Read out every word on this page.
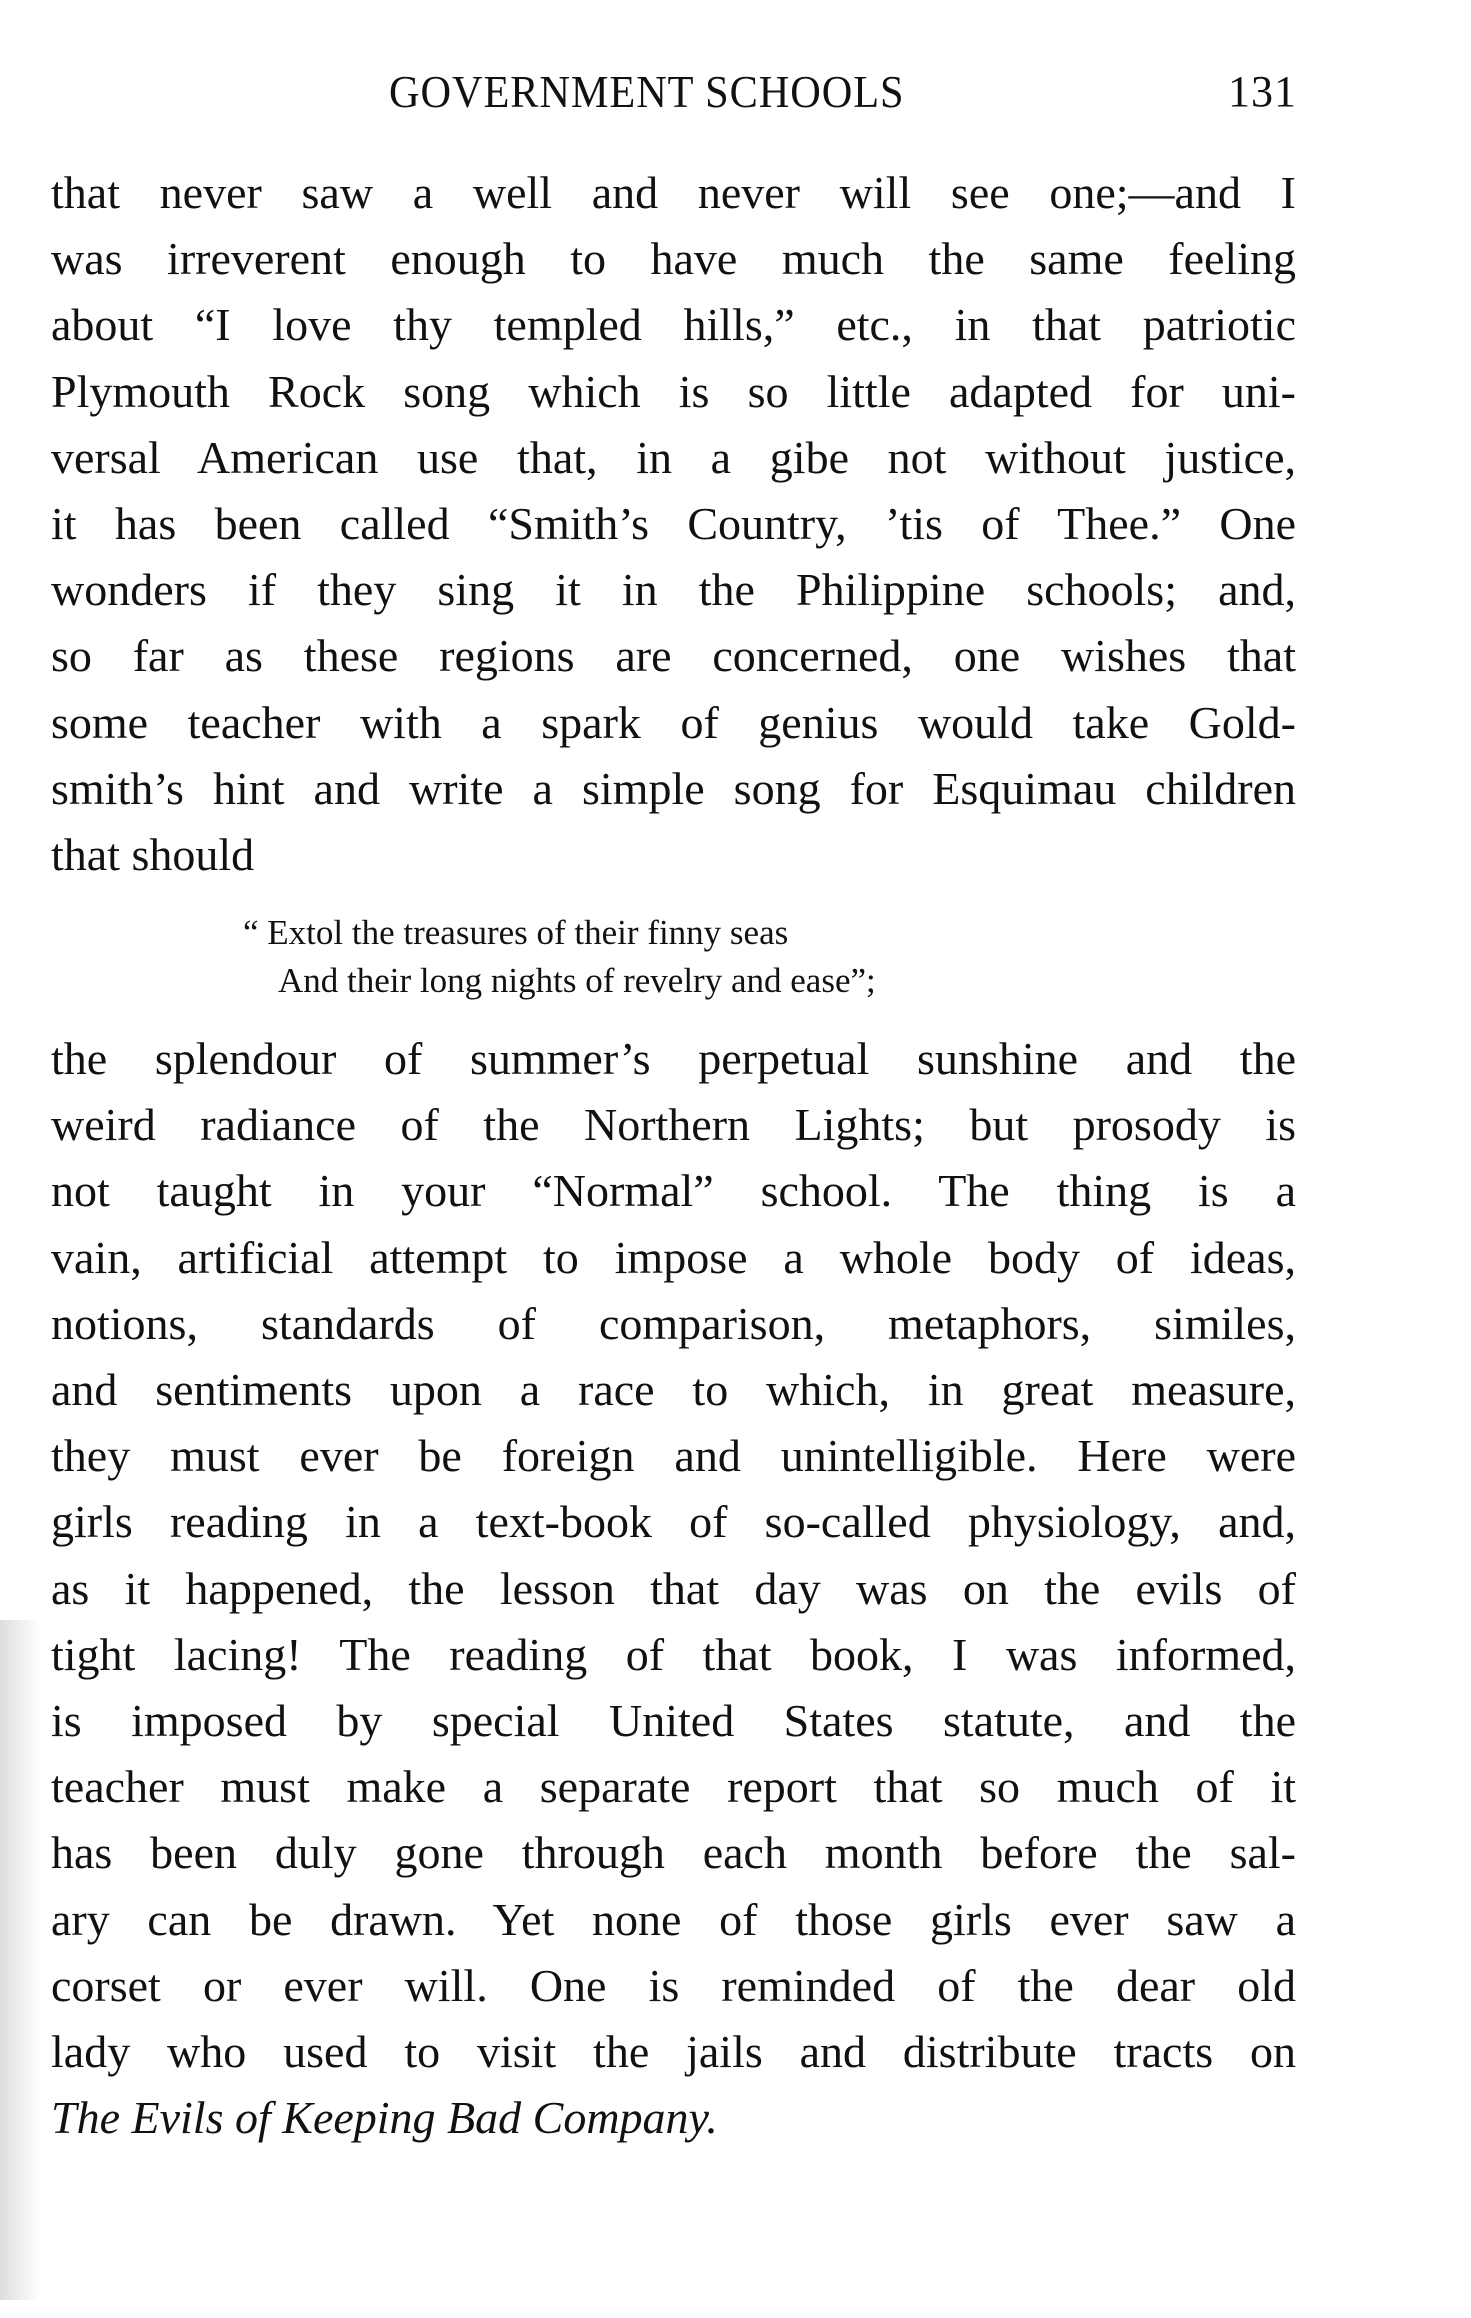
GOVERNMENT SCHOOLS	131
that never saw a well and never will see one;—and I
was irreverent enough to have much the same feeling
about “I love thy templed hills,” etc., in that patriotic
Plymouth Rock song which is so little adapted for uni-
versal American use that, in a gibe not without justice,
it has been called “Smith’s Country, ’tis of Thee.” One
wonders if they sing it in the Philippine schools; and,
so far as these regions are concerned, one wishes that
some teacher with a spark of genius would take Gold-
smith’s hint and write a simple song for Esquimau children
that should
“ Extol the treasures of their finny seas
And their long nights of revelry and ease”;
the splendour of summer’s perpetual sunshine and the
weird radiance of the Northern Lights; but prosody is
not taught in your “Normal” school. The thing is a
vain, artificial attempt to impose a whole body of ideas,
notions, standards of comparison, metaphors, similes,
and sentiments upon a race to which, in great measure,
they must ever be foreign and unintelligible. Here were
girls reading in a text-book of so-called physiology, and,
as it happened, the lesson that day was on the evils of
tight lacing! The reading of that book, I was informed,
is imposed by special United States statute, and the
teacher must make a separate report that so much of it
has been duly gone through each month before the sal-
ary can be drawn. Yet none of those girls ever saw a
corset or ever will. One is reminded of the dear old
lady who used to visit the jails and distribute tracts on
The Evils of Keeping Bad Company.
